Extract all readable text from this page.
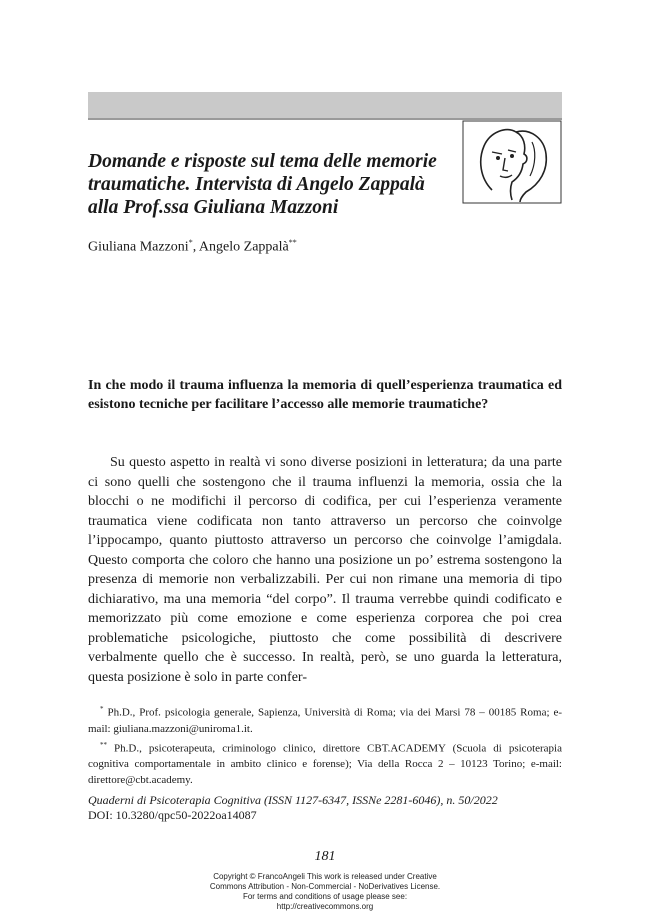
Domande e risposte sul tema delle memorie traumatiche. Intervista di Angelo Zappalà alla Prof.ssa Giuliana Mazzoni
Giuliana Mazzoni*, Angelo Zappalà**

In che modo il trauma influenza la memoria di quell’esperienza traumatica ed esistono tecniche per facilitare l’accesso alle memorie traumatiche?

Su questo aspetto in realtà vi sono diverse posizioni in letteratura; da una parte ci sono quelli che sostengono che il trauma influenzi la memoria, ossia che la blocchi o ne modifichi il percorso di codifica, per cui l’esperienza veramente traumatica viene codificata non tanto attraverso un percorso che coinvolge l’ippocampo, quanto piuttosto attraverso un percorso che coinvolge l’amigdala. Questo comporta che coloro che hanno una posizione un po’ estrema sostengono la presenza di memorie non verbalizzabili. Per cui non rimane una memoria di tipo dichiarativo, ma una memoria “del corpo”. Il trauma verrebbe quindi codificato e memorizzato più come emozione e come esperienza corporea che poi crea problematiche psicologiche, piuttosto che come possibilità di descrivere verbalmente quello che è successo. In realtà, però, se uno guarda la letteratura, questa posizione è solo in parte confer-

* Ph.D., Prof. psicologia generale, Sapienza, Università di Roma; via dei Marsi 78 – 00185 Roma; e-mail: giuliana.mazzoni@uniroma1.it.

** Ph.D., psicoterapeuta, criminologo clinico, direttore CBT.ACADEMY (Scuola di psicoterapia cognitiva comportamentale in ambito clinico e forense); Via della Rocca 2 – 10123 Torino; e-mail: direttore@cbt.academy.

Quaderni di Psicoterapia Cognitiva (ISSN 1127-6347, ISSNe 2281-6046), n. 50/2022
DOI: 10.3280/qpc50-2022oa14087
181
Copyright © FrancoAngeli This work is released under Creative
Commons Attribution - Non-Commercial - NoDerivatives License.
For terms and conditions of usage please see:
http://creativecommons.org
